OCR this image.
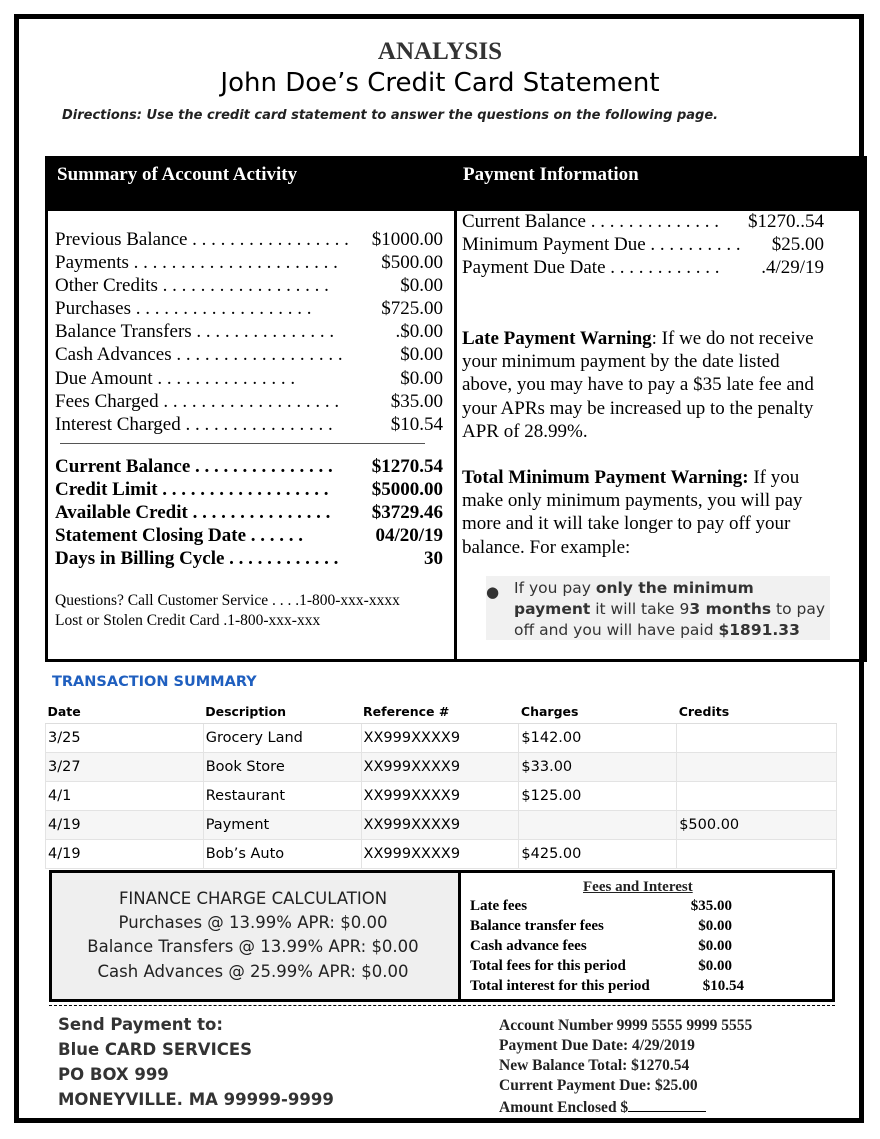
ANALYSIS
John Doe’s Credit Card Statement
Directions: Use the credit card statement to answer the questions on the following page.
Summary of Account Activity	Payment Information
Previous Balance . . . . . . . . . . . . . . . . . $1000.00
Payments . . . . . . . . . . . . . . . . . . . . . . $500.00
Other Credits . . . . . . . . . . . . . . . . . .	$0.00
Purchases . . . . . . . . . . . . . . . . . . .	$725.00
Balance Transfers . . . . . . . . . . . . . . .	.$0.00
Cash Advances . . . . . . . . . . . . . . . . . .	$0.00
Due Amount . . . . . . . . . . . . . . .	$0.00
Fees Charged . . . . . . . . . . . . . . . . . . .	$35.00
Interest Charged . . . . . . . . . . . . . . . .	$10.54
Current Balance . . . . . . . . . . . . . . . $1270.54
Credit Limit . . . . . . . . . . . . . . . . . . $5000.00
Available Credit . . . . . . . . . . . . . . . $3729.46
Statement Closing Date . . . . . .	04/20/19
Days in Billing Cycle . . . . . . . . . . . .	30
Questions? Call Customer Service . . . .1-800-xxx-xxxx
Lost or Stolen Credit Card .1-800-xxx-xxx
Current Balance . . . . . . . . . . . . . . $1270..54
Minimum Payment Due . . . . . . . . . . $25.00
Payment Due Date . . . . . . . . . . . . .4/29/19
Late Payment Warning: If we do not receive your minimum payment by the date listed above, you may have to pay a $35 late fee and your APRs may be increased up to the penalty APR of 28.99%.
Total Minimum Payment Warning: If you make only minimum payments, you will pay more and it will take longer to pay off your balance. For example:
● If you pay only the minimum payment it will take 93 months to pay off and you will have paid $1891.33
TRANSACTION SUMMARY
Date	Description	Reference #	Charges	Credits
3/25	Grocery Land	XX999XXXX9	$142.00	
3/27	Book Store	XX999XXXX9	$33.00	
4/1	Restaurant	XX999XXXX9	$125.00	
4/19	Payment	XX999XXXX9		$500.00
4/19	Bob’s Auto	XX999XXXX9	$425.00	
FINANCE CHARGE CALCULATION
Purchases @ 13.99% APR: $0.00
Balance Transfers @ 13.99% APR: $0.00
Cash Advances @ 25.99% APR: $0.00
Fees and Interest
Late fees	$35.00
Balance transfer fees	$0.00
Cash advance fees	$0.00
Total fees for this period	$0.00
Total interest for this period	$10.54
Send Payment to:
Blue CARD SERVICES
PO BOX 999
MONEYVILLE. MA 99999-9999
Account Number 9999 5555 9999 5555
Payment Due Date: 4/29/2019
New Balance Total: $1270.54
Current Payment Due: $25.00
Amount Enclosed $
